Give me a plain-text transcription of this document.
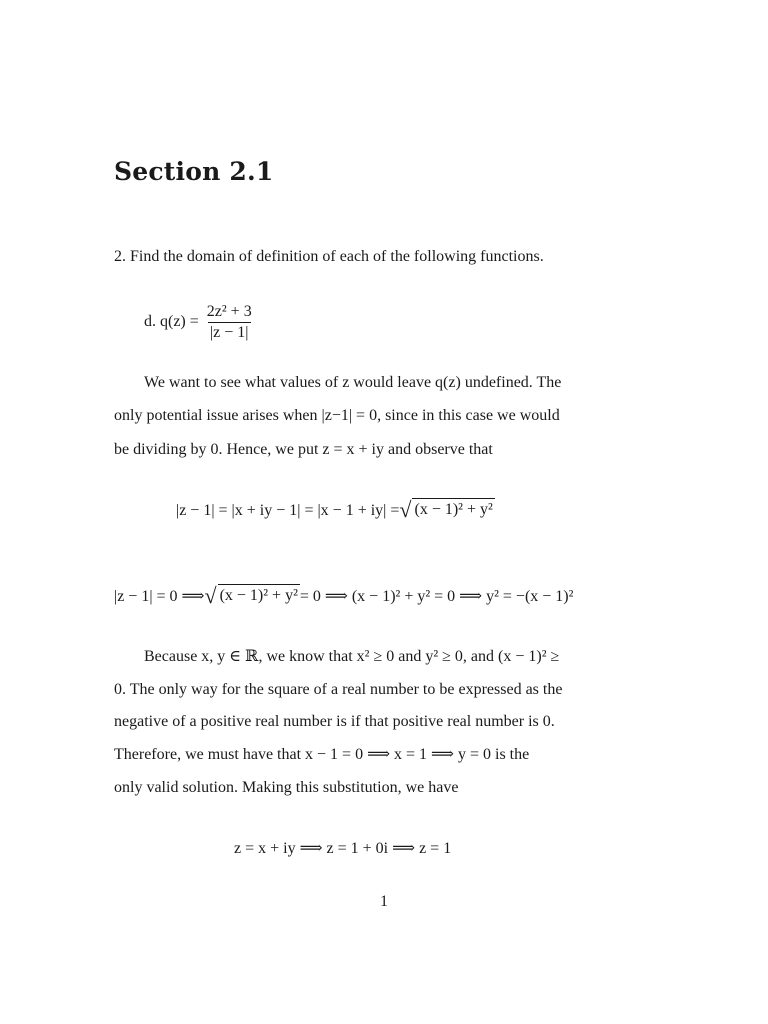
Section 2.1
2. Find the domain of definition of each of the following functions.
d. $q(z) = \frac{\text{2z² + 3}}{|z - 1|}$
We want to see what values of z would leave q(z) undefined. The
only potential issue arises when |z−1| = 0, since in this case we would
be dividing by 0. Hence, we put z = x + iy and observe that
|z − 1| = |x + iy − 1| = |x − 1 + iy| = √ (x − 1)² + y²
|z − 1| = 0 ⟹ √ (x − 1)² + y² = 0 ⟹ (x − 1)² + y² = 0 ⟹ y² = −(x − 1)²
Because x, y ∈ ℝ, we know that x² ≥ 0 and y² ≥ 0, and (x − 1)² ≥
0. The only way for the square of a real number to be expressed as the
negative of a positive real number is if that positive real number is 0.
Therefore, we must have that x − 1 = 0 ⟹ x = 1 ⟹ y = 0 is the
only valid solution. Making this substitution, we have
z = x + iy ⟹ z = 1 + 0i ⟹ z = 1
1
